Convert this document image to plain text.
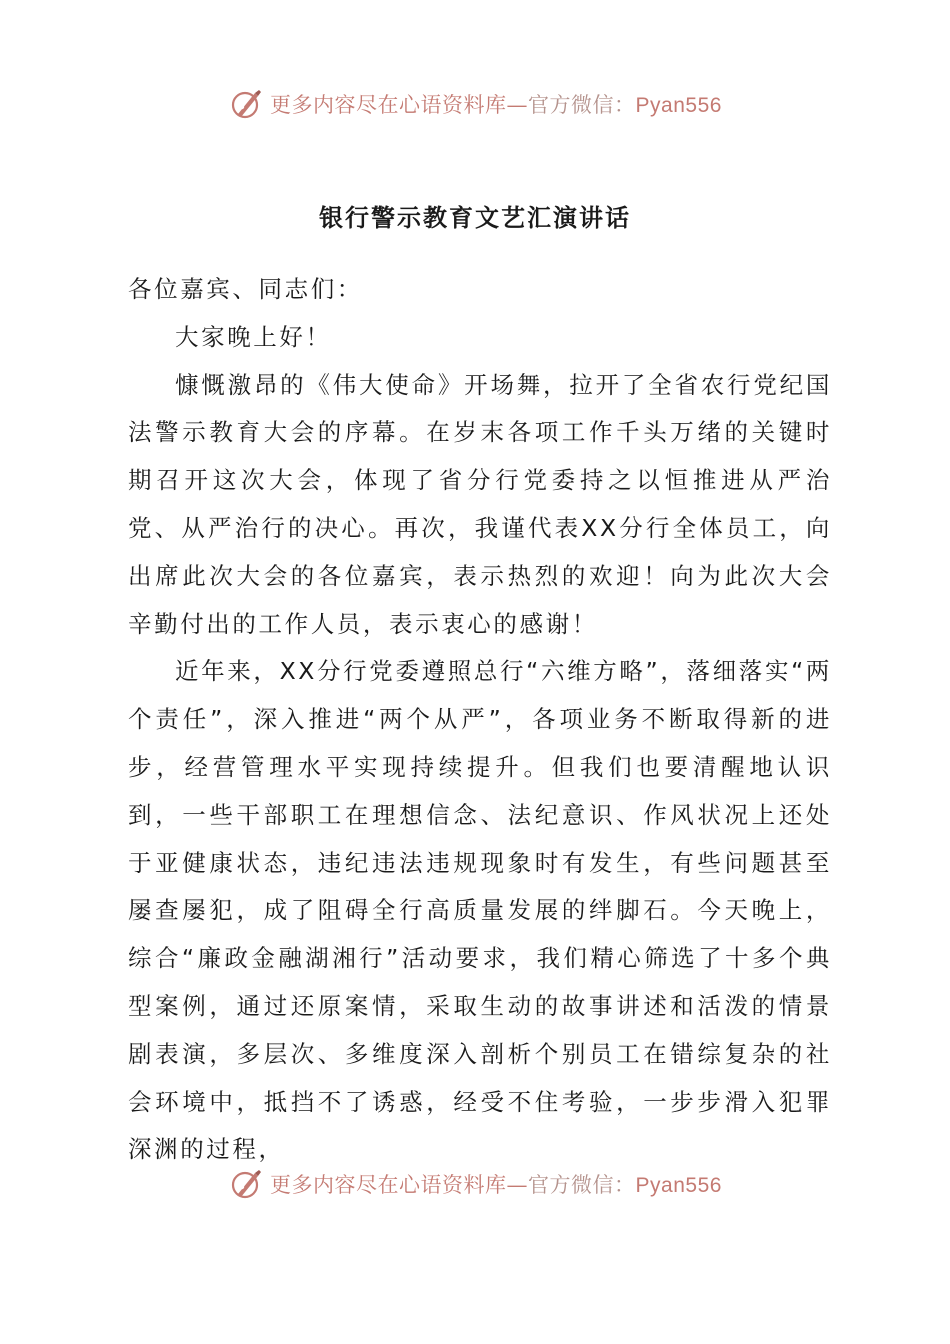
更多内容尽在心语资料库—官方微信：Pyan556
银行警示教育文艺汇演讲话

各位嘉宾、同志们：

大家晚上好！

慷慨激昂的《伟大使命》开场舞，拉开了全省农行党纪国法警示教育大会的序幕。在岁末各项工作千头万绪的关键时期召开这次大会，体现了省分行党委持之以恒推进从严治党、从严治行的决心。再次，我谨代表XX分行全体员工，向出席此次大会的各位嘉宾，表示热烈的欢迎！向为此次大会辛勤付出的工作人员，表示衷心的感谢！

近年来，XX分行党委遵照总行“六维方略”，落细落实“两个责任”，深入推进“两个从严”，各项业务不断取得新的进步，经营管理水平实现持续提升。但我们也要清醒地认识到，一些干部职工在理想信念、法纪意识、作风状况上还处于亚健康状态，违纪违法违规现象时有发生，有些问题甚至屡查屡犯，成了阻碍全行高质量发展的绊脚石。今天晚上，综合“廉政金融湖湘行”活动要求，我们精心筛选了十多个典型案例，通过还原案情，采取生动的故事讲述和活泼的情景剧表演，多层次、多维度深入剖析个别员工在错综复杂的社会环境中，抵挡不了诱惑，经受不住考验，一步步滑入犯罪深渊的过程，

更多内容尽在心语资料库—官方微信：Pyan556
